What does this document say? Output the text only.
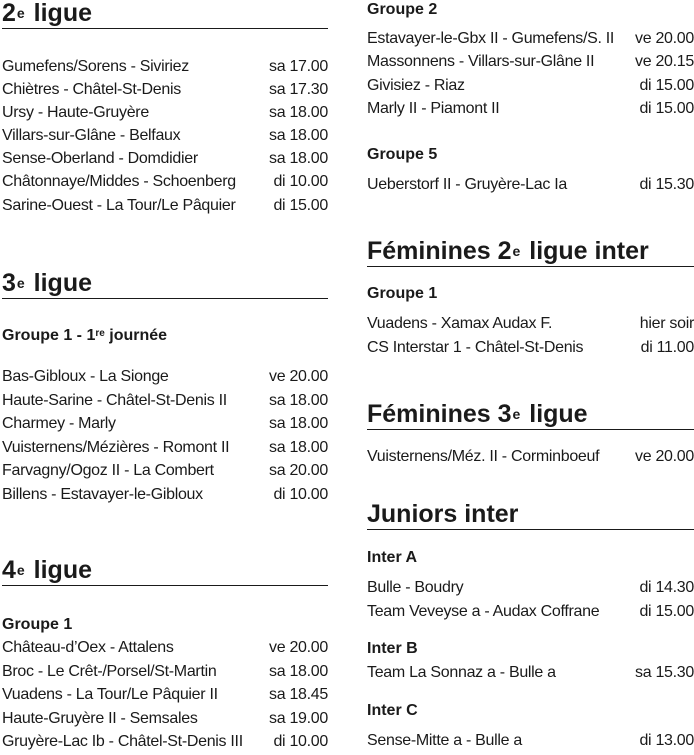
2e ligue
Gumefens/Sorens - Siviriez	sa 17.00
Chiètres - Châtel-St-Denis	sa 17.30
Ursy - Haute-Gruyère	sa 18.00
Villars-sur-Glâne - Belfaux	sa 18.00
Sense-Oberland - Domdidier	sa 18.00
Châtonnaye/Middes - Schoenberg di 10.00
Sarine-Ouest - La Tour/Le Pâquier di 15.00
3e ligue
Groupe 1 - 1re journée
Bas-Gibloux - La Sionge	ve 20.00
Haute-Sarine - Châtel-St-Denis II	sa 18.00
Charmey - Marly	sa 18.00
Vuisternens/Mézières - Romont II sa 18.00
Farvagny/Ogoz II - La Combert	sa 20.00
Billens - Estavayer-le-Gibloux	di 10.00
4e ligue
Groupe 1
Château-d’Oex - Attalens	ve 20.00
Broc - Le Crêt-/Porsel/St-Martin	sa 18.00
Vuadens - La Tour/Le Pâquier II	sa 18.45
Haute-Gruyère II - Semsales	sa 19.00
Gruyère-Lac Ib - Châtel-St-Denis III di 10.00
Groupe 2
Estavayer-le-Gbx II - Gumefens/S. II ve 20.00
Massonnens - Villars-sur-Glâne II	ve 20.15
Givisiez - Riaz	di 15.00
Marly II - Piamont II	di 15.00
Groupe 5
Ueberstorf II - Gruyère-Lac Ia	di 15.30
Féminines 2e ligue inter
Groupe 1
Vuadens - Xamax Audax F.	hier soir
CS Interstar 1 - Châtel-St-Denis	di 11.00
Féminines 3e ligue
Vuisternens/Méz. II - Corminboeuf ve 20.00
Juniors inter
Inter A
Bulle - Boudry	di 14.30
Team Veveyse a - Audax Coffrane	di 15.00
Inter B
Team La Sonnaz a - Bulle a	sa 15.30
Inter C
Sense-Mitte a - Bulle a	di 13.00
